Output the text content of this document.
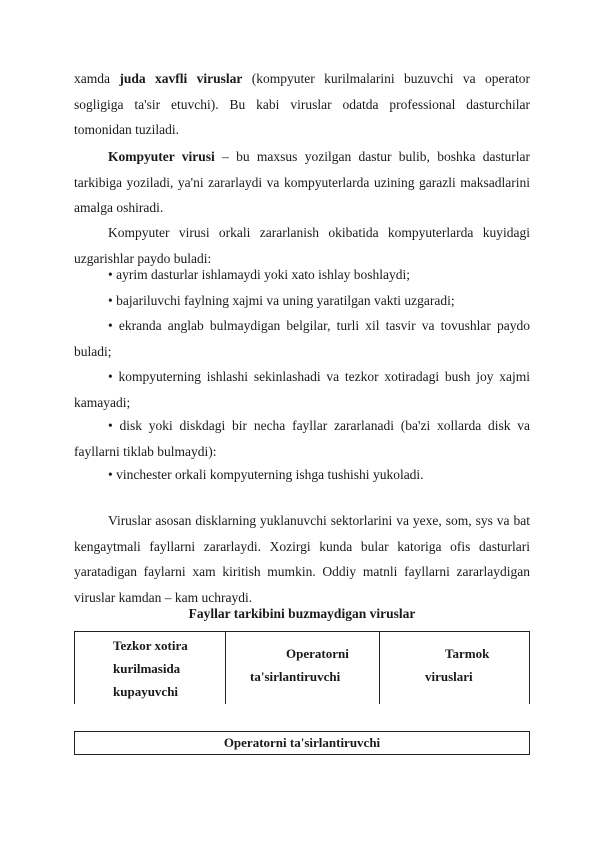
xamda juda xavfli viruslar (kompyuter kurilmalarini buzuvchi va operator sogligiga ta'sir etuvchi). Bu kabi viruslar odatda professional dasturchilar tomonidan tuziladi.

Kompyuter virusi – bu maxsus yozilgan dastur bulib, boshka dasturlar tarkibiga yoziladi, ya'ni zararlaydi va kompyuterlarda uzining garazli maksadlarini amalga oshiradi.

Kompyuter virusi orkali zararlanish okibatida kompyuterlarda kuyidagi uzgarishlar paydo buladi:

• ayrim dasturlar ishlamaydi yoki xato ishlay boshlaydi;

• bajariluvchi faylning xajmi va uning yaratilgan vakti uzgaradi;

• ekranda anglab bulmaydigan belgilar, turli xil tasvir va tovushlar paydo buladi;

• kompyuterning ishlashi sekinlashadi va tezkor xotiradagi bush joy xajmi kamayadi;

• disk yoki diskdagi bir necha fayllar zararlanadi (ba'zi xollarda disk va fayllarni tiklab bulmaydi):

• vinchester orkali kompyuterning ishga tushishi yukoladi.

Viruslar asosan disklarning yuklanuvchi sektorlarini va yexe, som, sys va bat kengaytmali fayllarni zararlaydi. Xozirgi kunda bular katoriga ofis dasturlari yaratadigan faylarni xam kiritish mumkin. Oddiy matnli fayllarni zararlaydigan viruslar kamdan – kam uchraydi.

Fayllar tarkibini buzmaydigan viruslar
Tezkor xotira
kurilmasida
kupayuvchi
Operatorni
ta'sirlantiruvchi
Tarmok
viruslari
Operatorni ta'sirlantiruvchi
